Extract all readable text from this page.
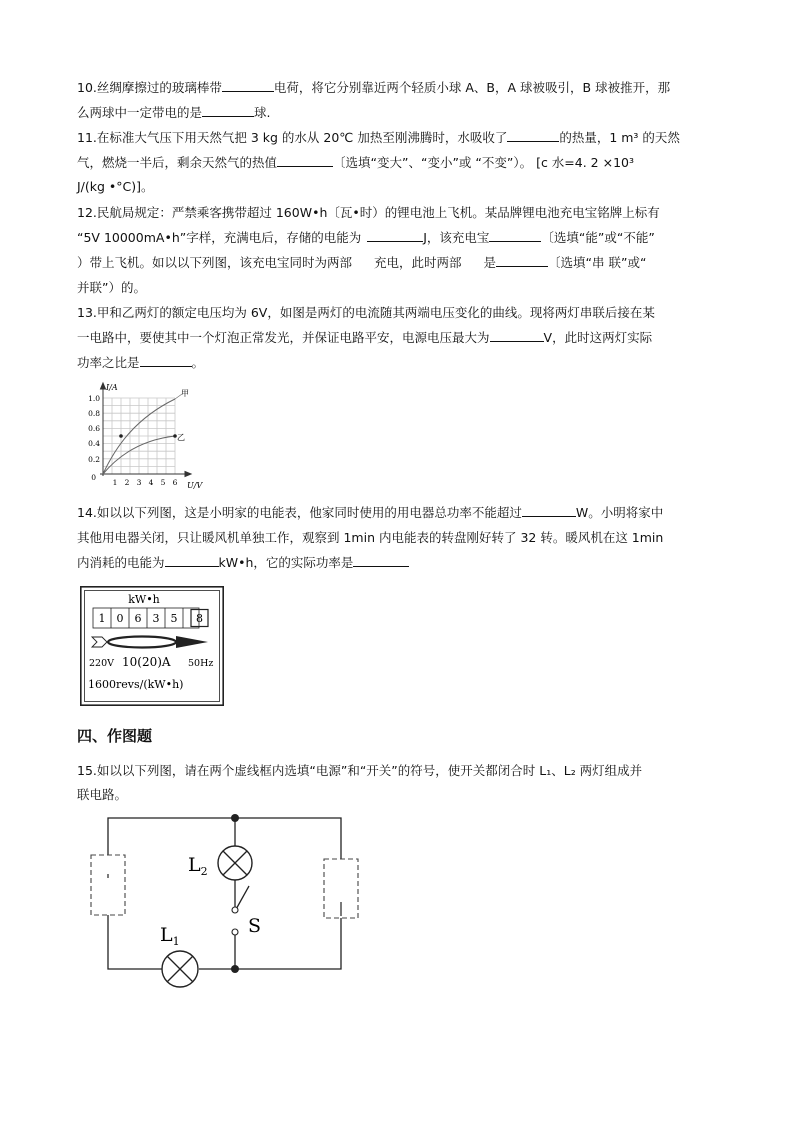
10.丝绸摩擦过的玻璃棒带	电荷，将它分别靠近两个轻质小球 A、B，A 球被吸引，B 球被推开，那
么两球中一定带电的是	球.
11.在标准大气压下用天然气把 3 kg 的水从 20℃ 加热至刚沸腾时，水吸收了	的热量，1 m³ 的天然
气，燃烧一半后，剩余天然气的热值	〔选填“变大”、“变小”或 “不变”）。 [c 水=4. 2 ×10³
J/(kg •°C)]。
12.民航局规定：严禁乘客携带超过 160W•h〔瓦•时）的锂电池上飞机。某品牌锂电池充电宝铭牌上标有
“5V 10000mA•h”字样，充满电后，存储的电能为	J，该充电宝	〔选填“能”或“不能”
）带上飞机。如以以下列图，该充电宝同时为两部 充电，此时两部 是	〔选填“串 联”或“
并联”）的。
13.甲和乙两灯的额定电压均为 6V，如图是两灯的电流随其两端电压变化的曲线。现将两灯串联后接在某
一电路中，要使其中一个灯泡正常发光，并保证电路平安，电源电压最大为	V，此时这两灯实际
功率之比是	。
I/A
甲
乙
1.0
0.8
0.6
0.4
0.2
0
1 2 3 4 5 6 U/V
14.如以以下列图，这是小明家的电能表，他家同时使用的用电器总功率不能超过	W。小明将家中
其他用电器关闭，只让暖风机单独工作，观察到 1min 内电能表的转盘刚好转了 32 转。暖风机在这 1min
内消耗的电能为	kW•h，它的实际功率是
kW•h
1 0 6 3 5 8
220V 10(20)A 50Hz
1600revs/(kW•h)
四、作图题
15.如以以下列图，请在两个虚线框内选填“电源”和“开关”的符号，使开关都闭合时 L₁、L₂ 两灯组成并
联电路。
$L_2$
$L_1$
S
